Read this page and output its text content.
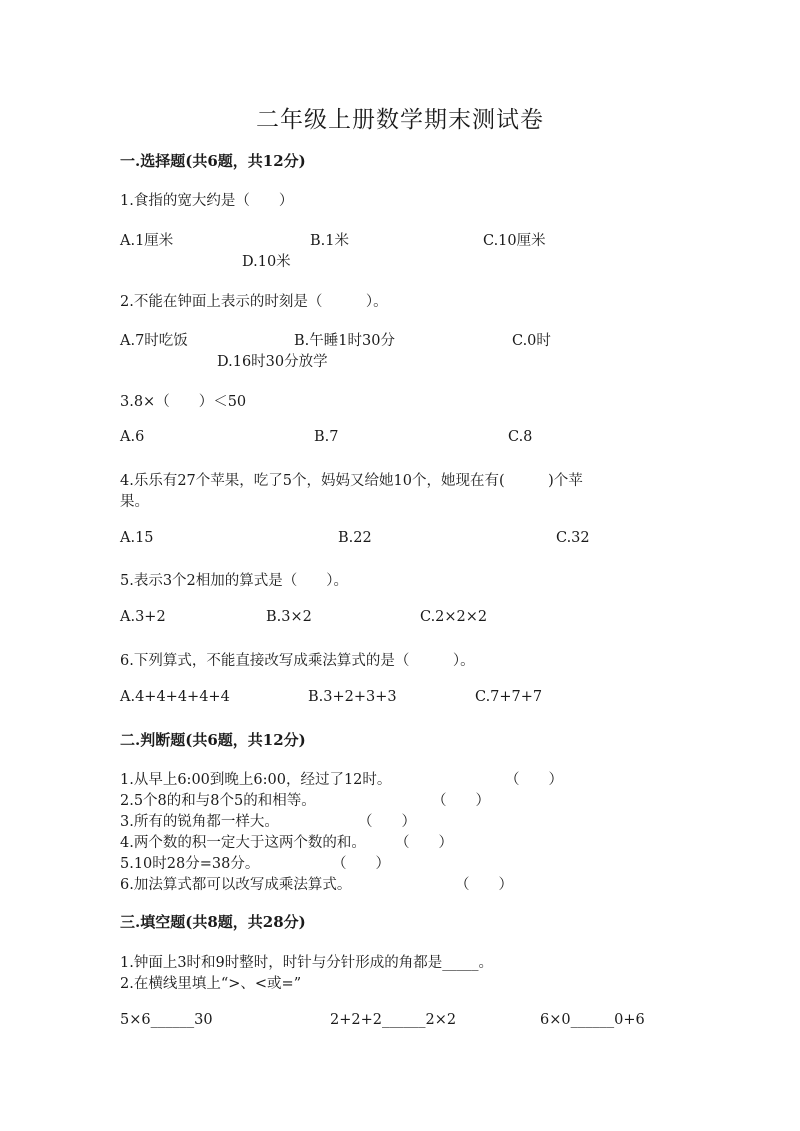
二年级上册数学期末测试卷
一.选择题(共6题，共12分)
1.食指的宽大约是（　　）
A.1厘米	B.1米	C.10厘米
D.10米
2.不能在钟面上表示的时刻是（　　　）。
A.7时吃饭	B.午睡1时30分	C.0时
D.16时30分放学
3.8×（　　）＜50
A.6	B.7	C.8
4.乐乐有27个苹果，吃了5个，妈妈又给她10个，她现在有(　　　)个苹
果。
A.15	B.22	C.32
5.表示3个2相加的算式是（　　）。
A.3+2	B.3×2	C.2×2×2
6.下列算式，不能直接改写成乘法算式的是（　　　）。
A.4+4+4+4+4	B.3+2+3+3	C.7+7+7
二.判断题(共6题，共12分)
1.从早上6:00到晚上6:00，经过了12时。	（　　）
2.5个8的和与8个5的和相等。	（　　）
3.所有的锐角都一样大。	（　　）
4.两个数的积一定大于这两个数的和。 （　　）
5.10时28分=38分。	（　　）
6.加法算式都可以改写成乘法算式。	（　　）
三.填空题(共8题，共28分)
1.钟面上3时和9时整时，时针与分针形成的角都是_____。
2.在横线里填上“>、<或=”
5×6______30	2+2+2______2×2	6×0______0+6
